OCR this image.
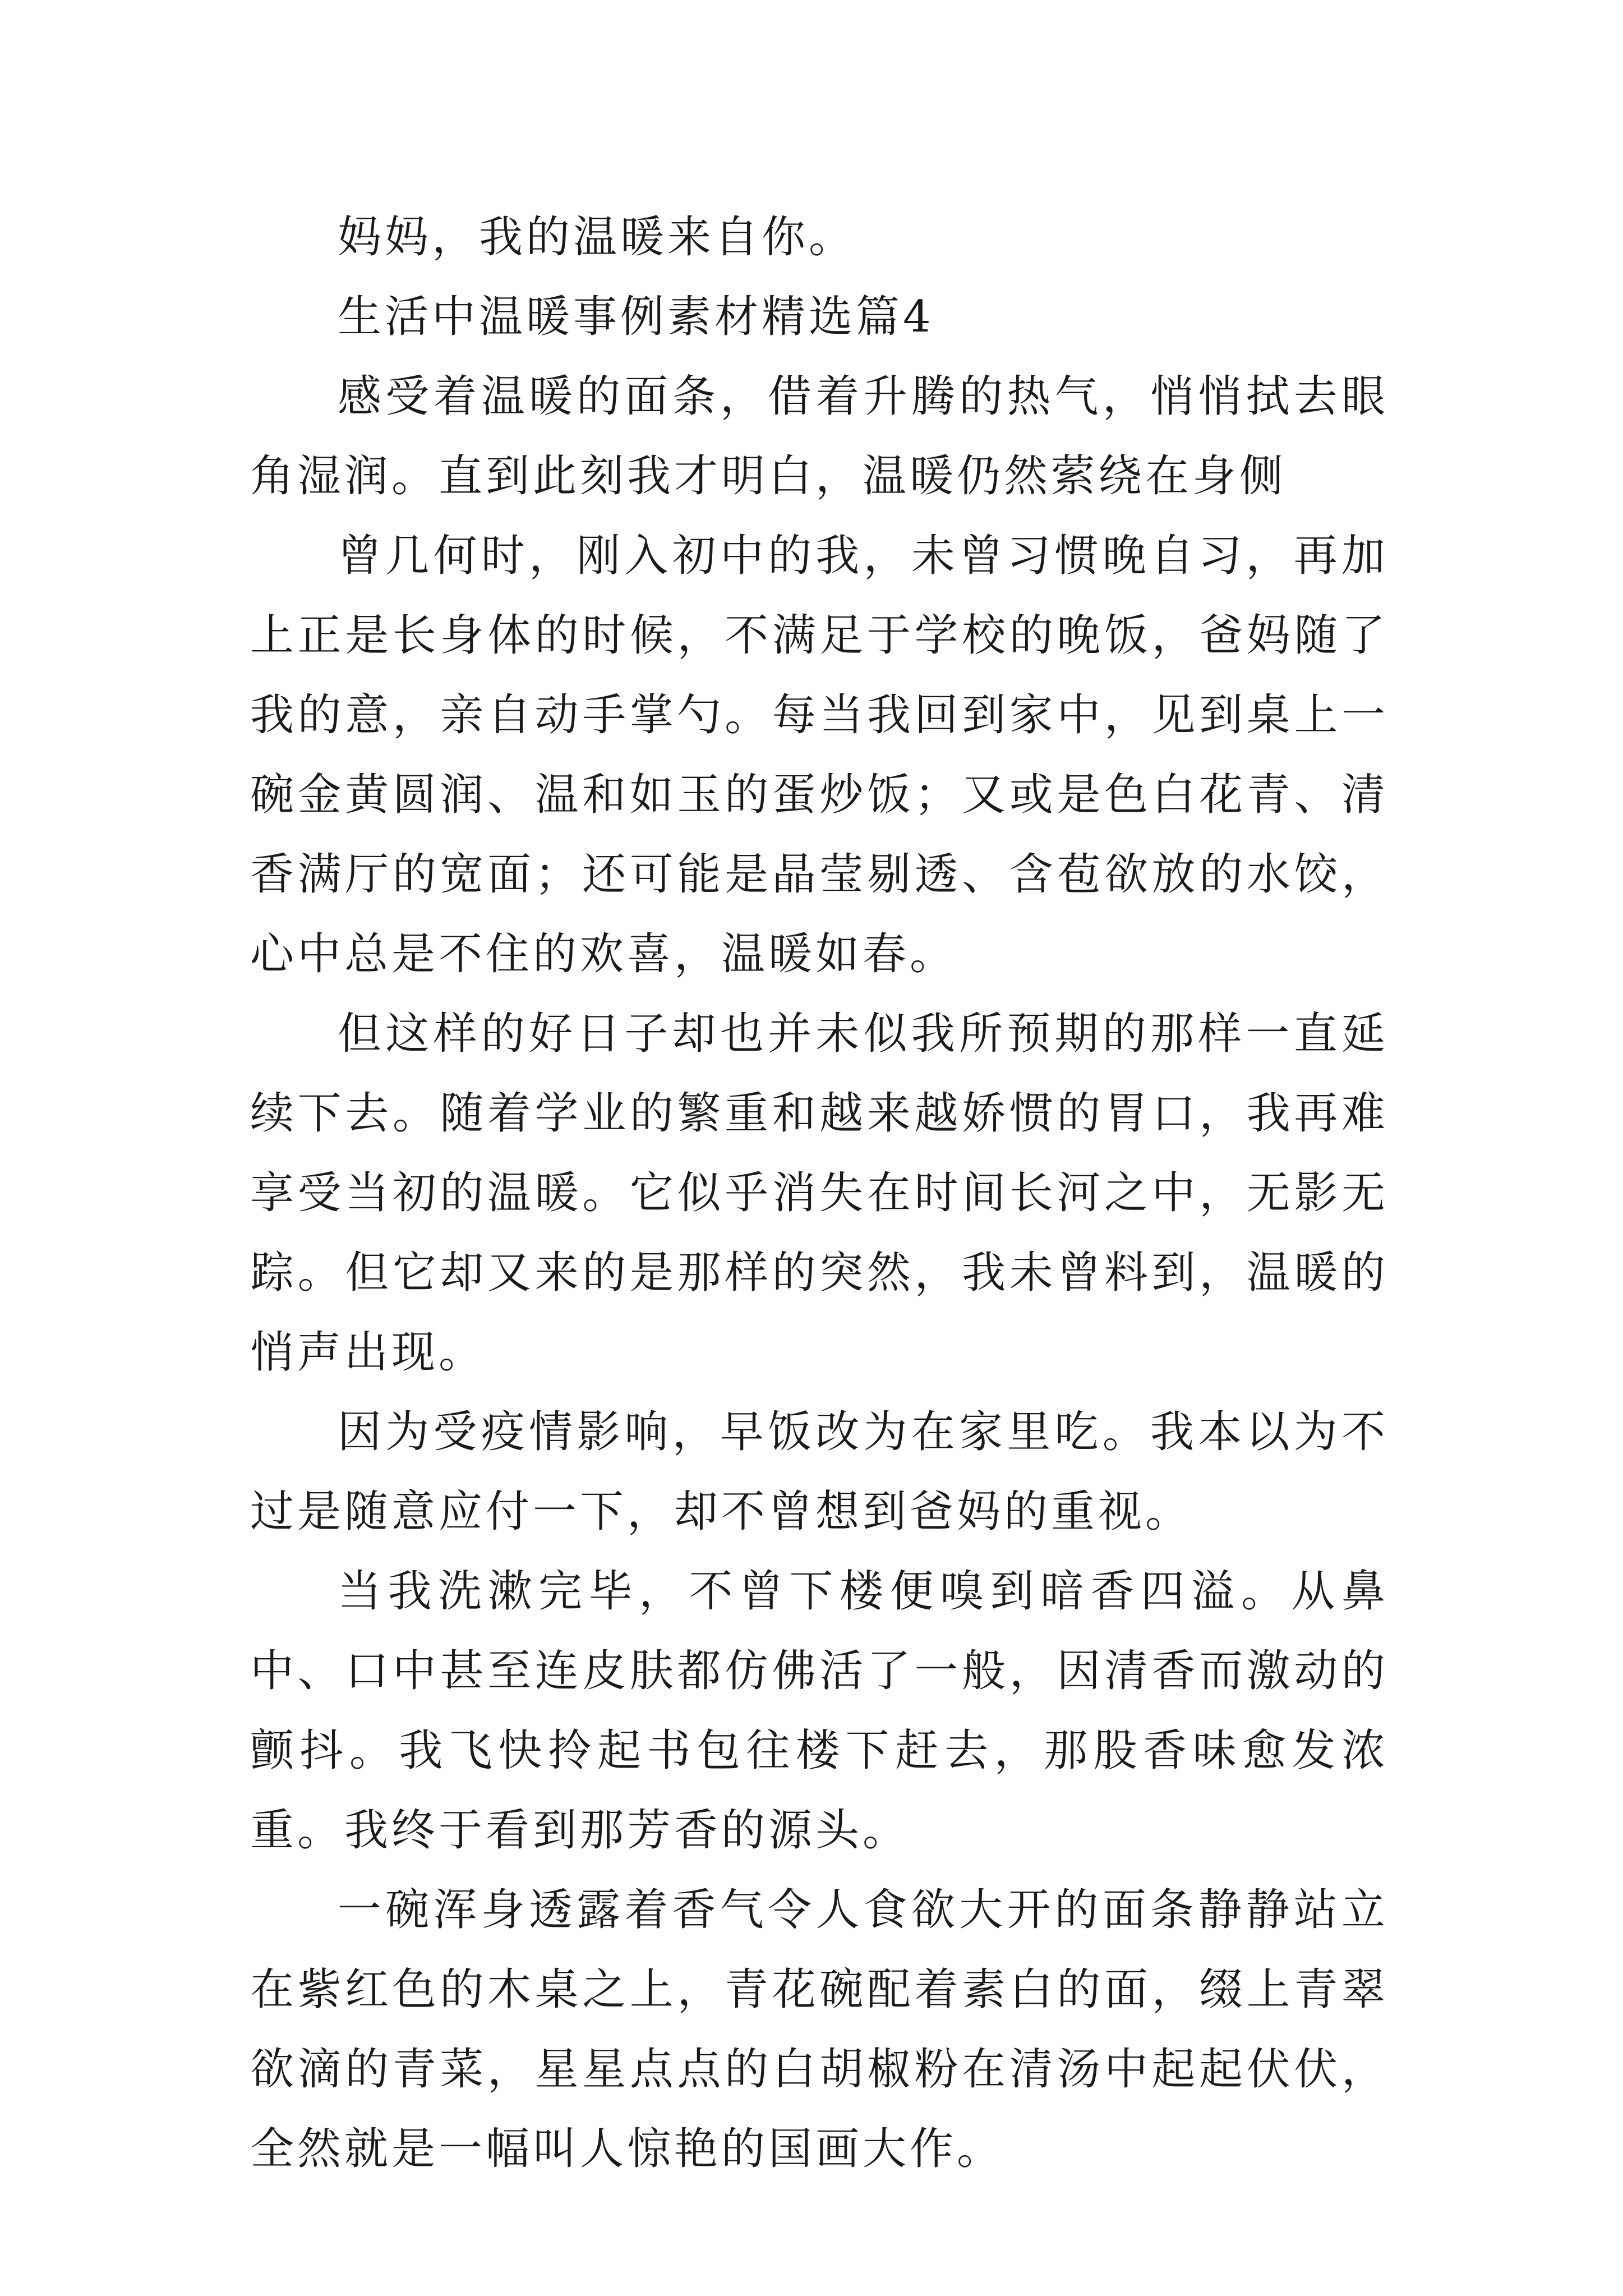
妈妈，我的温暖来自你。

生活中温暖事例素材精选篇4

感受着温暖的面条，借着升腾的热气，悄悄拭去眼角湿润。直到此刻我才明白，温暖仍然萦绕在身侧

曾几何时，刚入初中的我，未曾习惯晚自习，再加上正是长身体的时候，不满足于学校的晚饭，爸妈随了我的意，亲自动手掌勺。每当我回到家中，见到桌上一碗金黄圆润、温和如玉的蛋炒饭；又或是色白花青、清香满厅的宽面；还可能是晶莹剔透、含苞欲放的水饺，心中总是不住的欢喜，温暖如春。

但这样的好日子却也并未似我所预期的那样一直延续下去。随着学业的繁重和越来越娇惯的胃口，我再难享受当初的温暖。它似乎消失在时间长河之中，无影无踪。但它却又来的是那样的突然，我未曾料到，温暖的悄声出现。

因为受疫情影响，早饭改为在家里吃。我本以为不过是随意应付一下，却不曾想到爸妈的重视。

当我洗漱完毕，不曾下楼便嗅到暗香四溢。从鼻中、口中甚至连皮肤都仿佛活了一般，因清香而激动的颤抖。我飞快拎起书包往楼下赶去，那股香味愈发浓重。我终于看到那芳香的源头。

一碗浑身透露着香气令人食欲大开的面条静静站立在紫红色的木桌之上，青花碗配着素白的面，缀上青翠欲滴的青菜，星星点点的白胡椒粉在清汤中起起伏伏，全然就是一幅叫人惊艳的国画大作。
